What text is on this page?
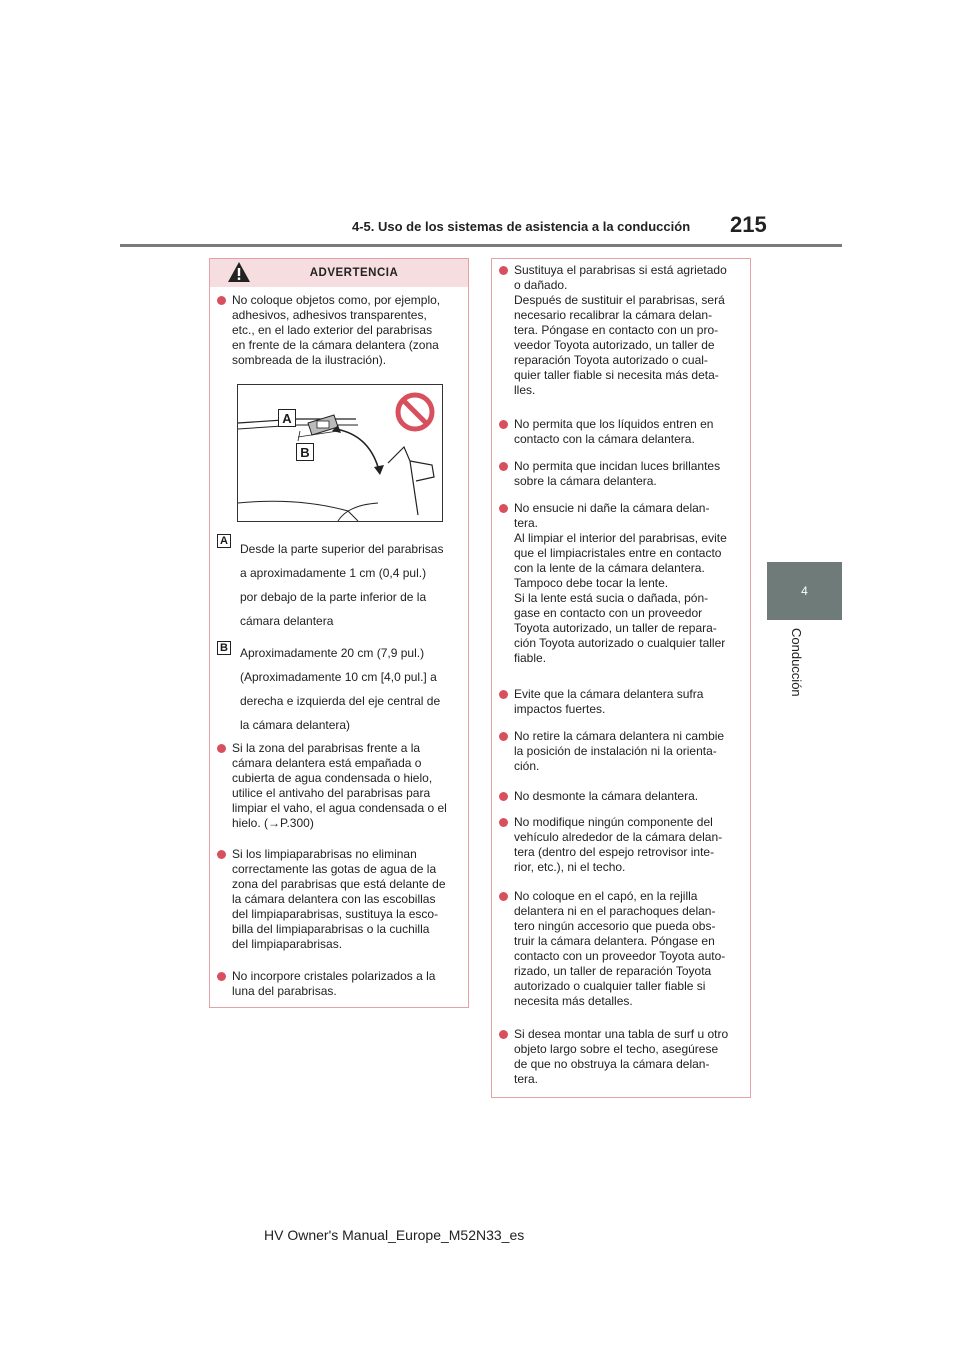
4-5. Uso de los sistemas de asistencia a la conducción 215
4
Conducción
ADVERTENCIA

No coloque objetos como, por ejemplo,

adhesivos, adhesivos transparentes,

etc., en el lado exterior del parabrisas

en frente de la cámara delantera (zona

sombreada de la ilustración).

A
B
A
Desde la parte superior del parabrisas
a aproximadamente 1 cm (0,4 pul.)
por debajo de la parte inferior de la
cámara delantera
B Aproximadamente 20 cm (7,9 pul.)
(Aproximadamente 10 cm [4,0 pul.] a
derecha e izquierda del eje central de
la cámara delantera)

Si la zona del parabrisas frente a la

cámara delantera está empañada o

cubierta de agua condensada o hielo,

utilice el antivaho del parabrisas para

limpiar el vaho, el agua condensada o el

hielo. (→P.300)

Si los limpiaparabrisas no eliminan

correctamente las gotas de agua de la

zona del parabrisas que está delante de

la cámara delantera con las escobillas

del limpiaparabrisas, sustituya la esco-

billa del limpiaparabrisas o la cuchilla

del limpiaparabrisas.

No incorpore cristales polarizados a la

luna del parabrisas.

Sustituya el parabrisas si está agrietado

o dañado.

Después de sustituir el parabrisas, será

necesario recalibrar la cámara delan-

tera. Póngase en contacto con un pro-

veedor Toyota autorizado, un taller de

reparación Toyota autorizado o cual-

quier taller fiable si necesita más deta-

lles.

No permita que los líquidos entren en

contacto con la cámara delantera.

No permita que incidan luces brillantes

sobre la cámara delantera.

No ensucie ni dañe la cámara delan-

tera.

Al limpiar el interior del parabrisas, evite

que el limpiacristales entre en contacto

con la lente de la cámara delantera.

Tampoco debe tocar la lente.

Si la lente está sucia o dañada, pón-

gase en contacto con un proveedor

Toyota autorizado, un taller de repara-

ción Toyota autorizado o cualquier taller

fiable.

Evite que la cámara delantera sufra

impactos fuertes.

No retire la cámara delantera ni cambie

la posición de instalación ni la orienta-

ción.

No desmonte la cámara delantera.

No modifique ningún componente del

vehículo alrededor de la cámara delan-

tera (dentro del espejo retrovisor inte-

rior, etc.), ni el techo.

No coloque en el capó, en la rejilla

delantera ni en el parachoques delan-

tero ningún accesorio que pueda obs-

truir la cámara delantera. Póngase en

contacto con un proveedor Toyota auto-

rizado, un taller de reparación Toyota

autorizado o cualquier taller fiable si

necesita más detalles.

Si desea montar una tabla de surf u otro

objeto largo sobre el techo, asegúrese

de que no obstruya la cámara delan-

tera.

HV Owner's Manual_Europe_M52N33_es
